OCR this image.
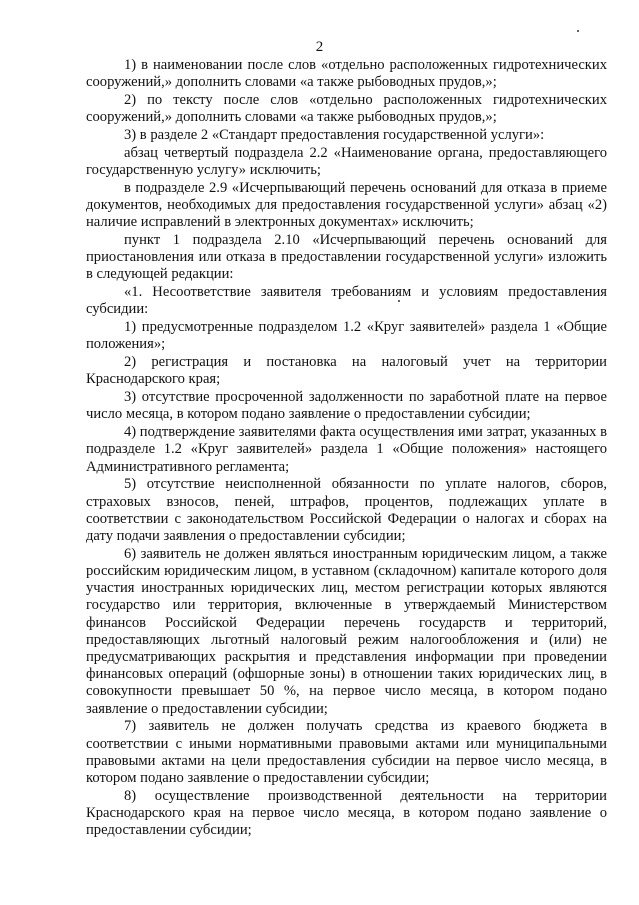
2

1) в наименовании после слов «отдельно расположенных гидротехнических сооружений,» дополнить словами «а также рыбоводных прудов,»;

2) по тексту после слов «отдельно расположенных гидротехнических сооружений,» дополнить словами «а также рыбоводных прудов,»;

3) в разделе 2 «Стандарт предоставления государственной услуги»:

абзац четвертый подраздела 2.2 «Наименование органа, предоставляющего государственную услугу» исключить;

в подразделе 2.9 «Исчерпывающий перечень оснований для отказа в приеме документов, необходимых для предоставления государственной услуги» абзац «2) наличие исправлений в электронных документах» исключить;

пункт 1 подраздела 2.10 «Исчерпывающий перечень оснований для приостановления или отказа в предоставлении государственной услуги» изложить в следующей редакции:

«1. Несоответствие заявителя требованиям и условиям предоставления субсидии:

1) предусмотренные подразделом 1.2 «Круг заявителей» раздела 1 «Общие положения»;

2) регистрация и постановка на налоговый учет на территории Краснодарского края;

3) отсутствие просроченной задолженности по заработной плате на первое число месяца, в котором подано заявление о предоставлении субсидии;

4) подтверждение заявителями факта осуществления ими затрат, указанных в подразделе 1.2 «Круг заявителей» раздела 1 «Общие положения» настоящего Административного регламента;

5) отсутствие неисполненной обязанности по уплате налогов, сборов, страховых взносов, пеней, штрафов, процентов, подлежащих уплате в соответствии с законодательством Российской Федерации о налогах и сборах на дату подачи заявления о предоставлении субсидии;

6) заявитель не должен являться иностранным юридическим лицом, а также российским юридическим лицом, в уставном (складочном) капитале которого доля участия иностранных юридических лиц, местом регистрации которых являются государство или территория, включенные в утверждаемый Министерством финансов Российской Федерации перечень государств и территорий, предоставляющих льготный налоговый режим налогообложения и (или) не предусматривающих раскрытия и представления информации при проведении финансовых операций (офшорные зоны) в отношении таких юридических лиц, в совокупности превышает 50 %, на первое число месяца, в котором подано заявление о предоставлении субсидии;

7) заявитель не должен получать средства из краевого бюджета в соответствии с иными нормативными правовыми актами или муниципальными правовыми актами на цели предоставления субсидии на первое число месяца, в котором подано заявление о предоставлении субсидии;

8) осуществление производственной деятельности на территории Краснодарского края на первое число месяца, в котором подано заявление о предоставлении субсидии;
